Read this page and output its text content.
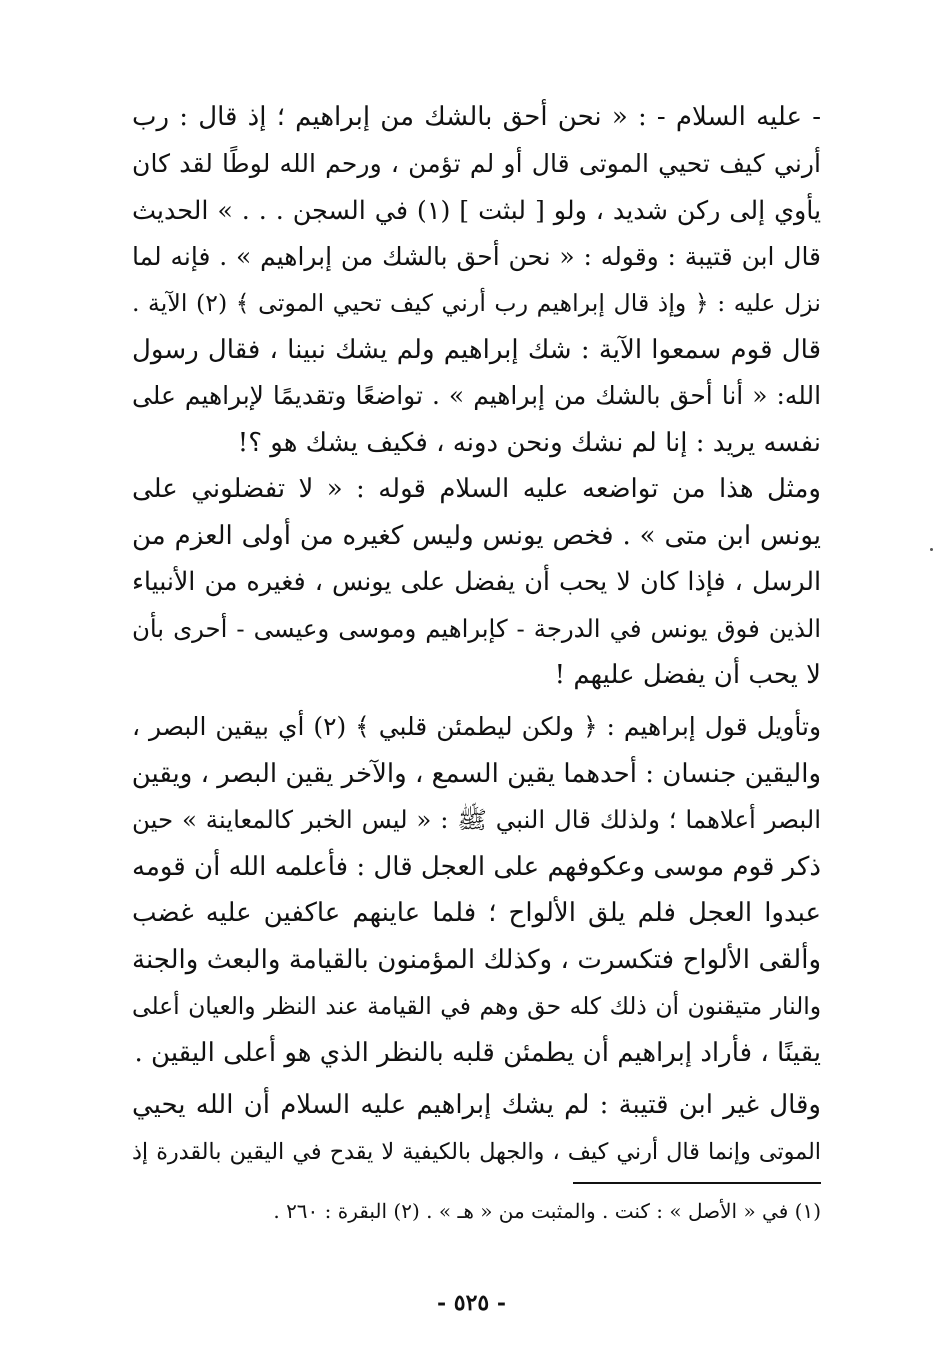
- عليه السلام - : « نحن أحق بالشك من إبراهيم ؛ إذ قال : رب
أرني كيف تحيي الموتى قال أو لم تؤمن ، ورحم الله لوطًا لقد كان
يأوي إلى ركن شديد ، ولو [ لبثت ] (١) في السجن . . . » الحديث
قال ابن قتيبة : وقوله : « نحن أحق بالشك من إبراهيم » . فإنه لما
نزل عليه : ﴿ وإذ قال إبراهيم رب أرني كيف تحيي الموتى ﴾ (٢) الآية .
قال قوم سمعوا الآية : شك إبراهيم ولم يشك نبينا ، فقال رسول
الله: « أنا أحق بالشك من إبراهيم » . تواضعًا وتقديمًا لإبراهيم على
نفسه يريد : إنا لم نشك ونحن دونه ، فكيف يشك هو ؟!
ومثل هذا من تواضعه عليه السلام قوله : « لا تفضلوني على
يونس ابن متى » . فخص يونس وليس كغيره من أولى العزم من
الرسل ، فإذا كان لا يحب أن يفضل على يونس ، فغيره من الأنبياء
الذين فوق يونس في الدرجة - كإبراهيم وموسى وعيسى - أحرى بأن
لا يحب أن يفضل عليهم !
وتأويل قول إبراهيم : ﴿ ولكن ليطمئن قلبي ﴾ (٢) أي بيقين البصر ،
واليقين جنسان : أحدهما يقين السمع ، والآخر يقين البصر ، ويقين
البصر أعلاهما ؛ ولذلك قال النبي ﷺ : « ليس الخبر كالمعاينة » حين
ذكر قوم موسى وعكوفهم على العجل قال : فأعلمه الله أن قومه
عبدوا العجل فلم يلق الألواح ؛ فلما عاينهم عاكفين عليه غضب
وألقى الألواح فتكسرت ، وكذلك المؤمنون بالقيامة والبعث والجنة
والنار متيقنون أن ذلك كله حق وهم في القيامة عند النظر والعيان أعلى
يقينًا ، فأراد إبراهيم أن يطمئن قلبه بالنظر الذي هو أعلى اليقين .
وقال غير ابن قتيبة : لم يشك إبراهيم عليه السلام أن الله يحيي
الموتى وإنما قال أرني كيف ، والجهل بالكيفية لا يقدح في اليقين بالقدرة إذ
(١) في « الأصل » : كنت . والمثبت من « هـ » . (٢) البقرة : ٢٦٠ .
- ٥٢٥ -
